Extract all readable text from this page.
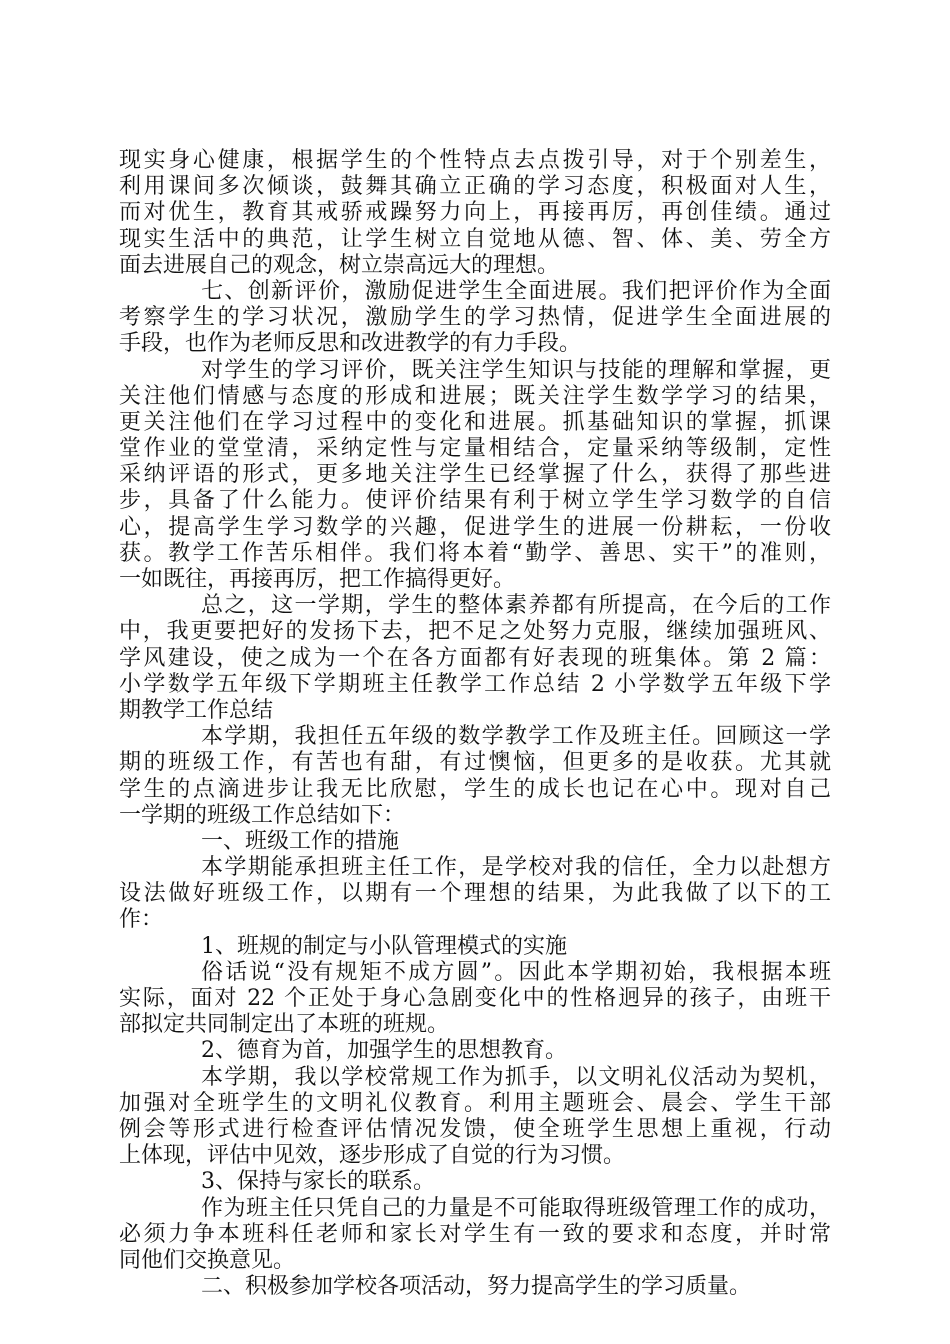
现实身心健康，根据学生的个性特点去点拨引导，对于个别差生，
利用课间多次倾谈，鼓舞其确立正确的学习态度，积极面对人生，
而对优生，教育其戒骄戒躁努力向上，再接再厉，再创佳绩。通过
现实生活中的典范，让学生树立自觉地从德、智、体、美、劳全方
面去进展自己的观念，树立崇高远大的理想。
七、创新评价，激励促进学生全面进展。我们把评价作为全面
考察学生的学习状况，激励学生的学习热情，促进学生全面进展的
手段，也作为老师反思和改进教学的有力手段。
对学生的学习评价，既关注学生知识与技能的理解和掌握，更
关注他们情感与态度的形成和进展；既关注学生数学学习的结果，
更关注他们在学习过程中的变化和进展。抓基础知识的掌握，抓课
堂作业的堂堂清，采纳定性与定量相结合，定量采纳等级制，定性
采纳评语的形式，更多地关注学生已经掌握了什么，获得了那些进
步，具备了什么能力。使评价结果有利于树立学生学习数学的自信
心，提高学生学习数学的兴趣，促进学生的进展一份耕耘，一份收
获。教学工作苦乐相伴。我们将本着“勤学、善思、实干”的准则，
一如既往，再接再厉，把工作搞得更好。
总之，这一学期，学生的整体素养都有所提高，在今后的工作
中，我更要把好的发扬下去，把不足之处努力克服，继续加强班风、
学风建设，使之成为一个在各方面都有好表现的班集体。第 2 篇：
小学数学五年级下学期班主任教学工作总结 2 小学数学五年级下学
期教学工作总结
本学期，我担任五年级的数学教学工作及班主任。回顾这一学
期的班级工作，有苦也有甜，有过懊恼，但更多的是收获。尤其就
学生的点滴进步让我无比欣慰，学生的成长也记在心中。现对自己
一学期的班级工作总结如下：
一、班级工作的措施
本学期能承担班主任工作，是学校对我的信任，全力以赴想方
设法做好班级工作，以期有一个理想的结果，为此我做了以下的工
作：
1、班规的制定与小队管理模式的实施
俗话说“没有规矩不成方圆”。因此本学期初始，我根据本班
实际，面对 22 个正处于身心急剧变化中的性格迥异的孩子，由班干
部拟定共同制定出了本班的班规。
2、德育为首，加强学生的思想教育。
本学期，我以学校常规工作为抓手，以文明礼仪活动为契机，
加强对全班学生的文明礼仪教育。利用主题班会、晨会、学生干部
例会等形式进行检查评估情况发馈，使全班学生思想上重视，行动
上体现，评估中见效，逐步形成了自觉的行为习惯。
3、保持与家长的联系。
作为班主任只凭自己的力量是不可能取得班级管理工作的成功，
必须力争本班科任老师和家长对学生有一致的要求和态度，并时常
同他们交换意见。
二、积极参加学校各项活动，努力提高学生的学习质量。
